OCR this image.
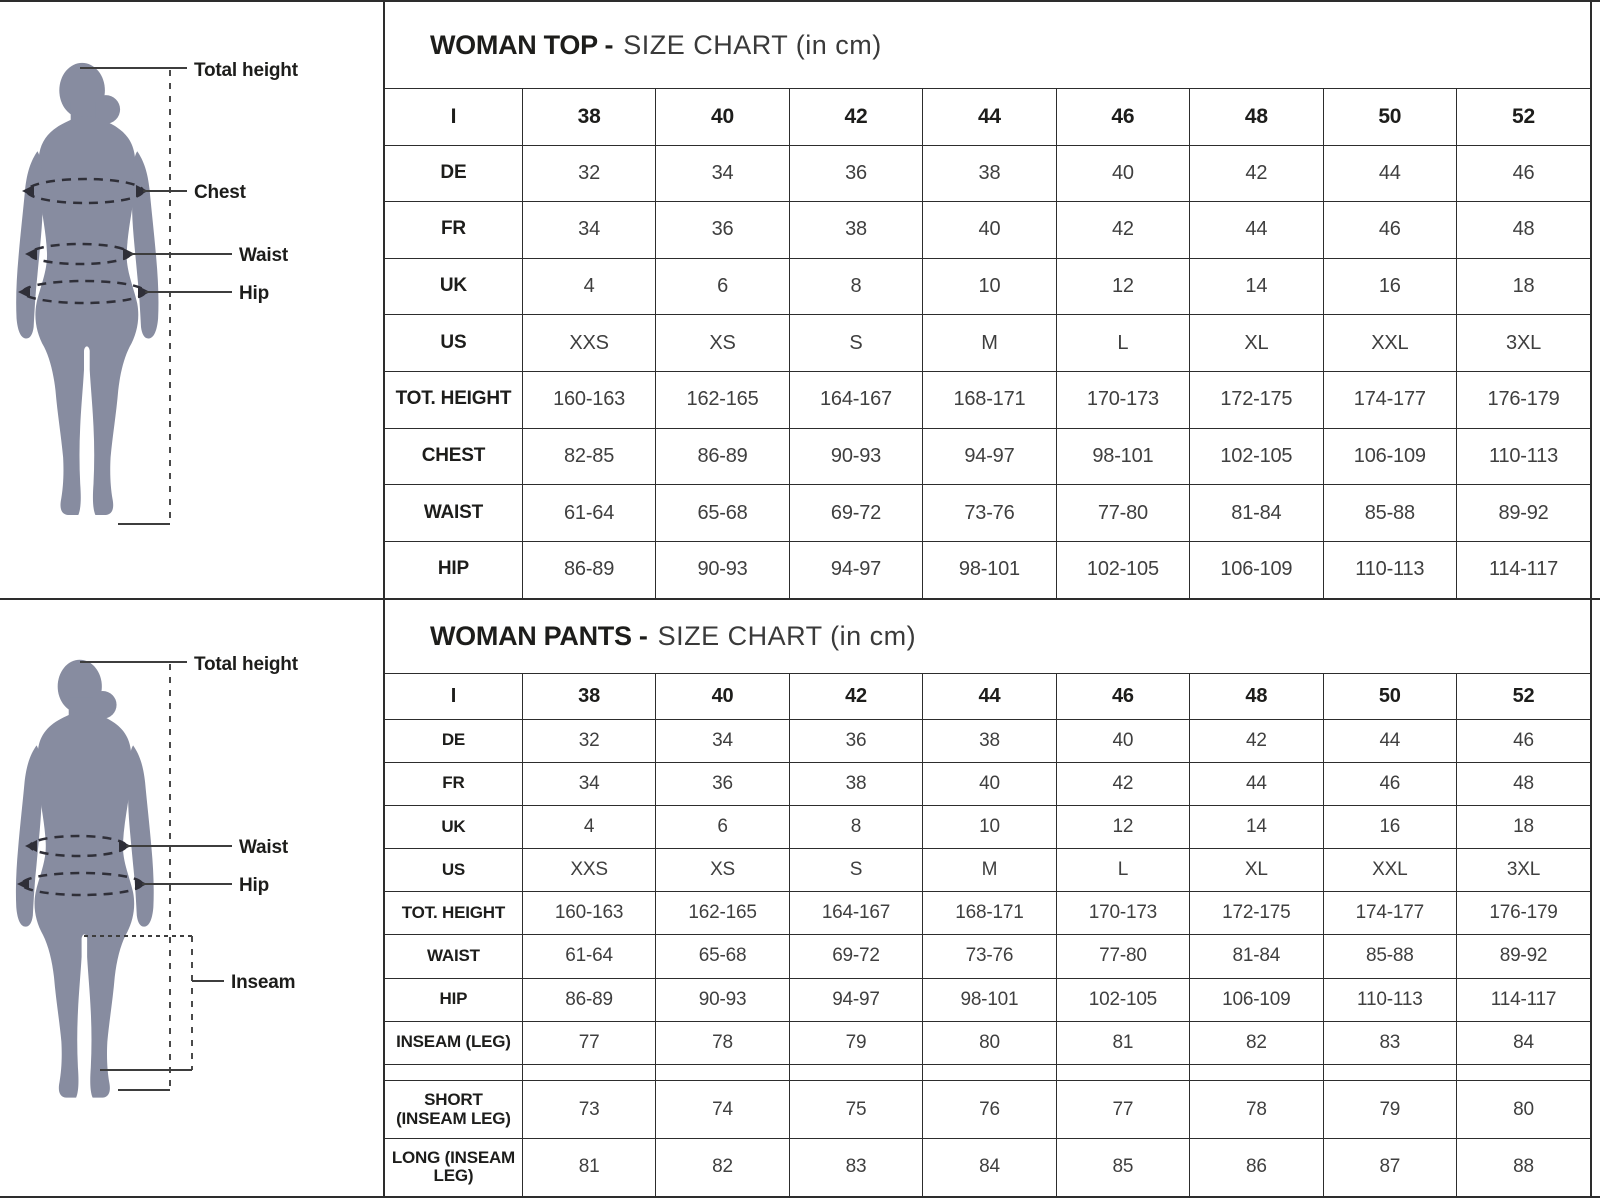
Total height
Chest
Waist
Hip
WOMAN TOP - SIZE CHART (in cm)
I	38	40	42	44	46	48	50	52
DE	32	34	36	38	40	42	44	46
FR	34	36	38	40	42	44	46	48
UK	4	6	8	10	12	14	16	18
US	XXS	XS	S	M	L	XL	XXL	3XL
TOT. HEIGHT	160-163	162-165	164-167	168-171	170-173	172-175	174-177	176-179
CHEST	82-85	86-89	90-93	94-97	98-101	102-105	106-109	110-113
WAIST	61-64	65-68	69-72	73-76	77-80	81-84	85-88	89-92
HIP	86-89	90-93	94-97	98-101	102-105	106-109	110-113	114-117
Total height
Waist
Hip
Inseam
WOMAN PANTS - SIZE CHART (in cm)
I	38	40	42	44	46	48	50	52
DE	32	34	36	38	40	42	44	46
FR	34	36	38	40	42	44	46	48
UK	4	6	8	10	12	14	16	18
US	XXS	XS	S	M	L	XL	XXL	3XL
TOT. HEIGHT	160-163	162-165	164-167	168-171	170-173	172-175	174-177	176-179
WAIST	61-64	65-68	69-72	73-76	77-80	81-84	85-88	89-92
HIP	86-89	90-93	94-97	98-101	102-105	106-109	110-113	114-117
INSEAM (LEG)	77	78	79	80	81	82	83	84

SHORT (INSEAM LEG)	73	74	75	76	77	78	79	80
LONG (INSEAM LEG)	81	82	83	84	85	86	87	88
